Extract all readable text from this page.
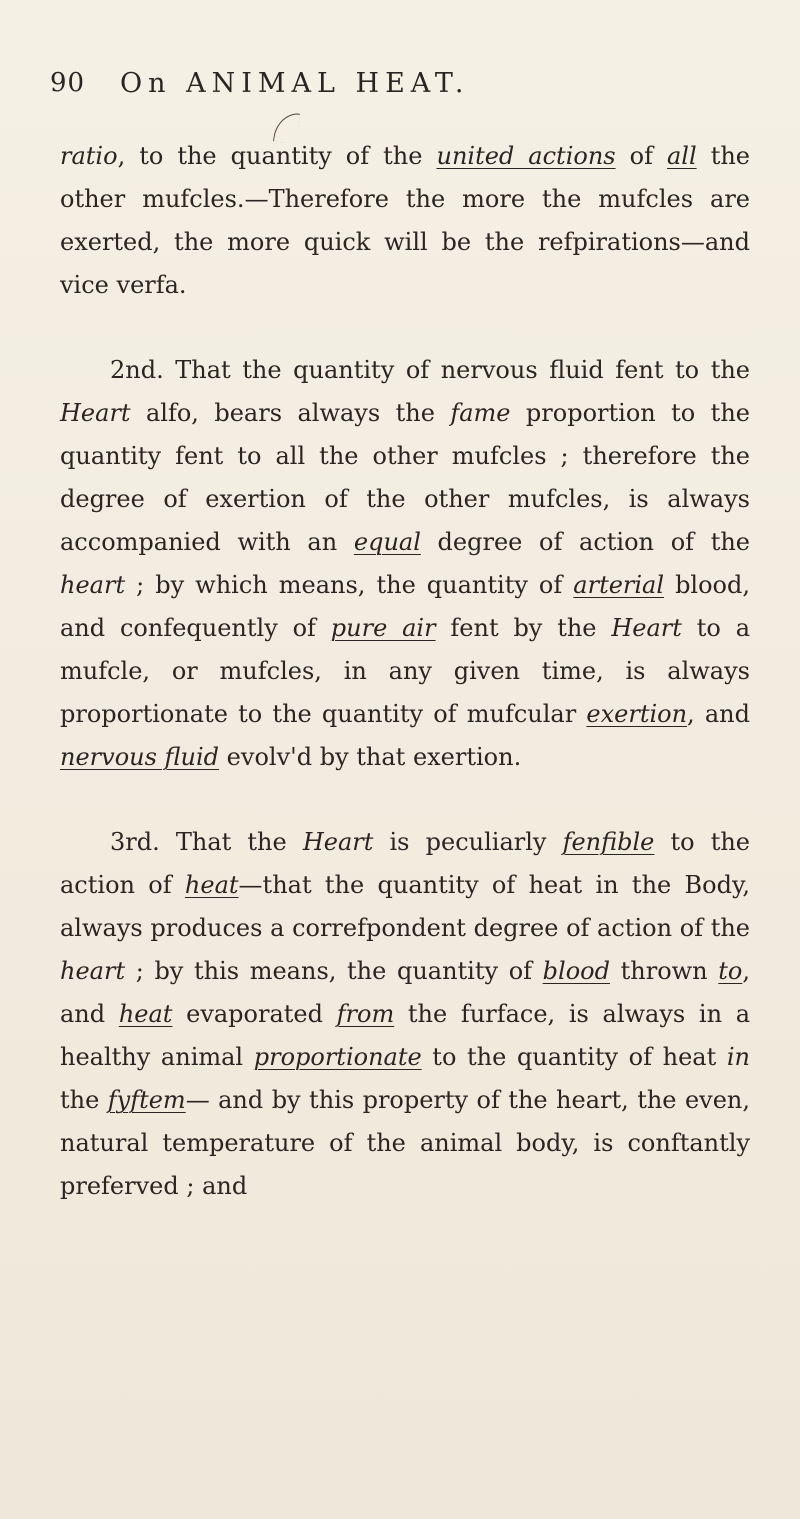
90 On ANIMAL HEAT.

ratio, to the quantity of the united actions of all the other mufcles.—Therefore the more the mufcles are exerted, the more quick will be the refpirations—and vice verfa.

2nd. That the quantity of nervous fluid fent to the Heart alfo, bears always the fame proportion to the quantity fent to all the other mufcles ; therefore the degree of exertion of the other mufcles, is always accompanied with an equal degree of action of the heart ; by which means, the quantity of arterial blood, and confequently of pure air fent by the Heart to a mufcle, or mufcles, in any given time, is always proportionate to the quantity of mufcular exertion, and nervous fluid evolv'd by that exertion.

3rd. That the Heart is peculiarly fenfible to the action of heat—that the quantity of heat in the Body, always produces a correfpondent degree of action of the heart ; by this means, the quantity of blood thrown to, and heat evaporated from the furface, is always in a healthy animal proportionate to the quantity of heat in the fyftem— and by this property of the heart, the even, natural temperature of the animal body, is conftantly preferved ; and
